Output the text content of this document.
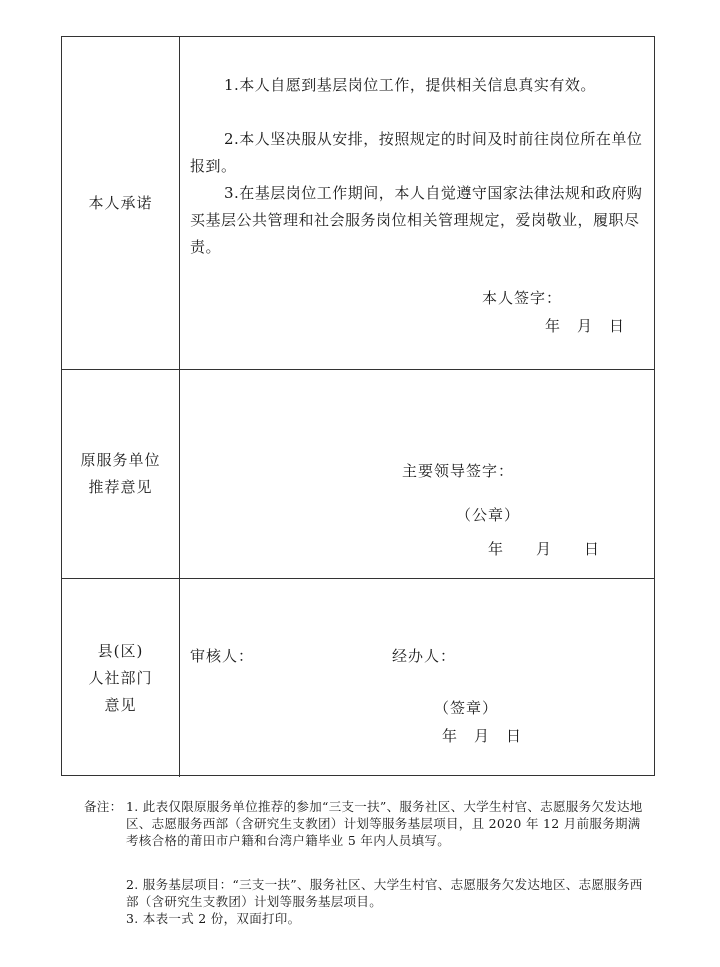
本人承诺
1.本人自愿到基层岗位工作，提供相关信息真实有效。
2.本人坚决服从安排，按照规定的时间及时前往岗位所在单位报到。
3.在基层岗位工作期间，本人自觉遵守国家法律法规和政府购买基层公共管理和社会服务岗位相关管理规定，爱岗敬业，履职尽责。
本人签字：
年　月　日
原服务单位
推荐意见
主要领导签字：
（公章）
年　　月　　日
县(区)
人社部门
意见
审核人：	经办人：
（签章）
年　月　日
备注： 1. 此表仅限原服务单位推荐的参加“三支一扶”、服务社区、大学生村官、志愿服务欠发达地区、志愿服务西部（含研究生支教团）计划等服务基层项目，且 2020 年 12 月前服务期满考核合格的莆田市户籍和台湾户籍毕业 5 年内人员填写。
2. 服务基层项目：“三支一扶”、服务社区、大学生村官、志愿服务欠发达地区、志愿服务西部（含研究生支教团）计划等服务基层项目。
3. 本表一式 2 份，双面打印。
